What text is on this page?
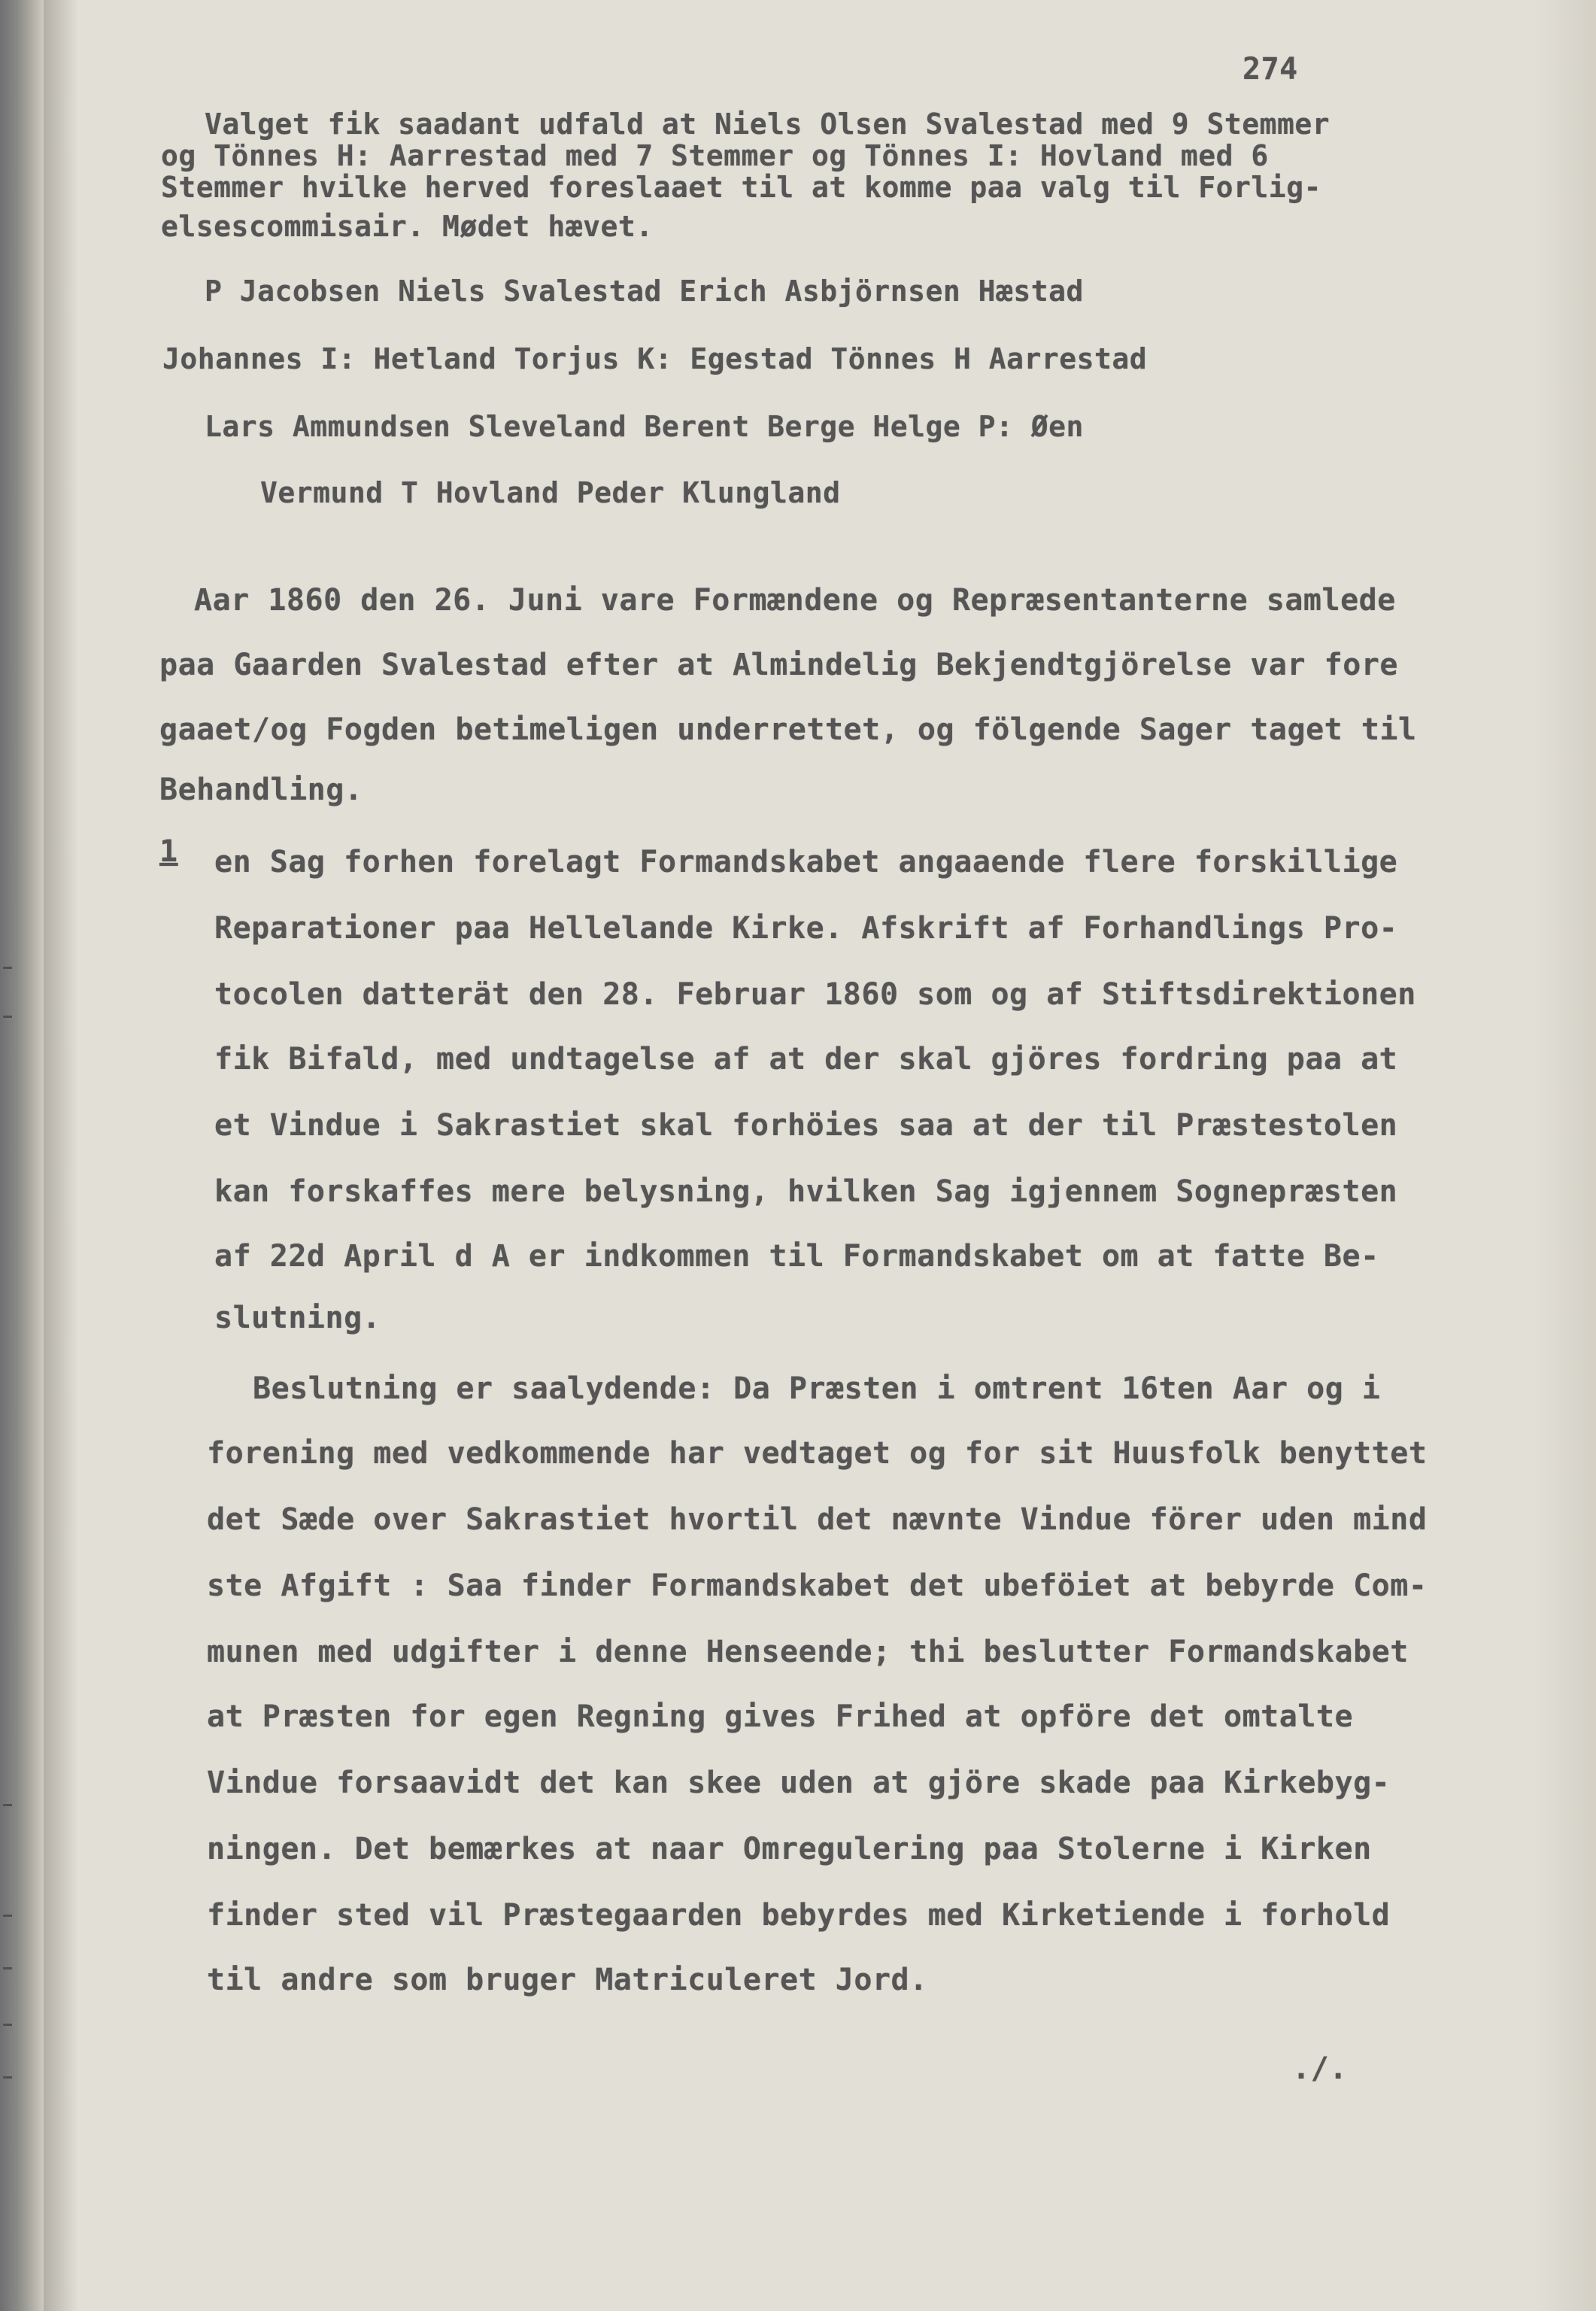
274

Valget fik saadant udfald at Niels Olsen Svalestad med 9 Stemmer

og Tönnes H: Aarrestad med 7 Stemmer og Tönnes I: Hovland med 6

Stemmer hvilke herved foreslaaet til at komme paa valg til Forlig-

elsescommisair. Mødet hævet.

P Jacobsen Niels Svalestad Erich Asbjörnsen Hæstad

Johannes I: Hetland Torjus K: Egestad Tönnes H Aarrestad

Lars Ammundsen Sleveland Berent Berge Helge P: Øen

Vermund T Hovland Peder Klungland

Aar 1860 den 26. Juni vare Formændene og Repræsentanterne samlede

paa Gaarden Svalestad efter at Almindelig Bekjendtgjörelse var fore

gaaet/og Fogden betimeligen underrettet, og fölgende Sager taget til

Behandling.

1 en Sag forhen forelagt Formandskabet angaaende flere forskillige

Reparationer paa Hellelande Kirke. Afskrift af Forhandlings Pro-

tocolen datterät den 28. Februar 1860 som og af Stiftsdirektionen

fik Bifald, med undtagelse af at der skal gjöres fordring paa at

et Vindue i Sakrastiet skal forhöies saa at der til Præstestolen

kan forskaffes mere belysning, hvilken Sag igjennem Sognepræsten

af 22d April d A er indkommen til Formandskabet om at fatte Be-

slutning.

Beslutning er saalydende: Da Præsten i omtrent 16ten Aar og i

forening med vedkommende har vedtaget og for sit Huusfolk benyttet

det Sæde over Sakrastiet hvortil det nævnte Vindue förer uden mind

ste Afgift : Saa finder Formandskabet det ubeföiet at bebyrde Com-

munen med udgifter i denne Henseende; thi beslutter Formandskabet

at Præsten for egen Regning gives Frihed at opföre det omtalte

Vindue forsaavidt det kan skee uden at gjöre skade paa Kirkebyg-

ningen. Det bemærkes at naar Omregulering paa Stolerne i Kirken

finder sted vil Præstegaarden bebyrdes med Kirketiende i forhold

til andre som bruger Matriculeret Jord.

./.
